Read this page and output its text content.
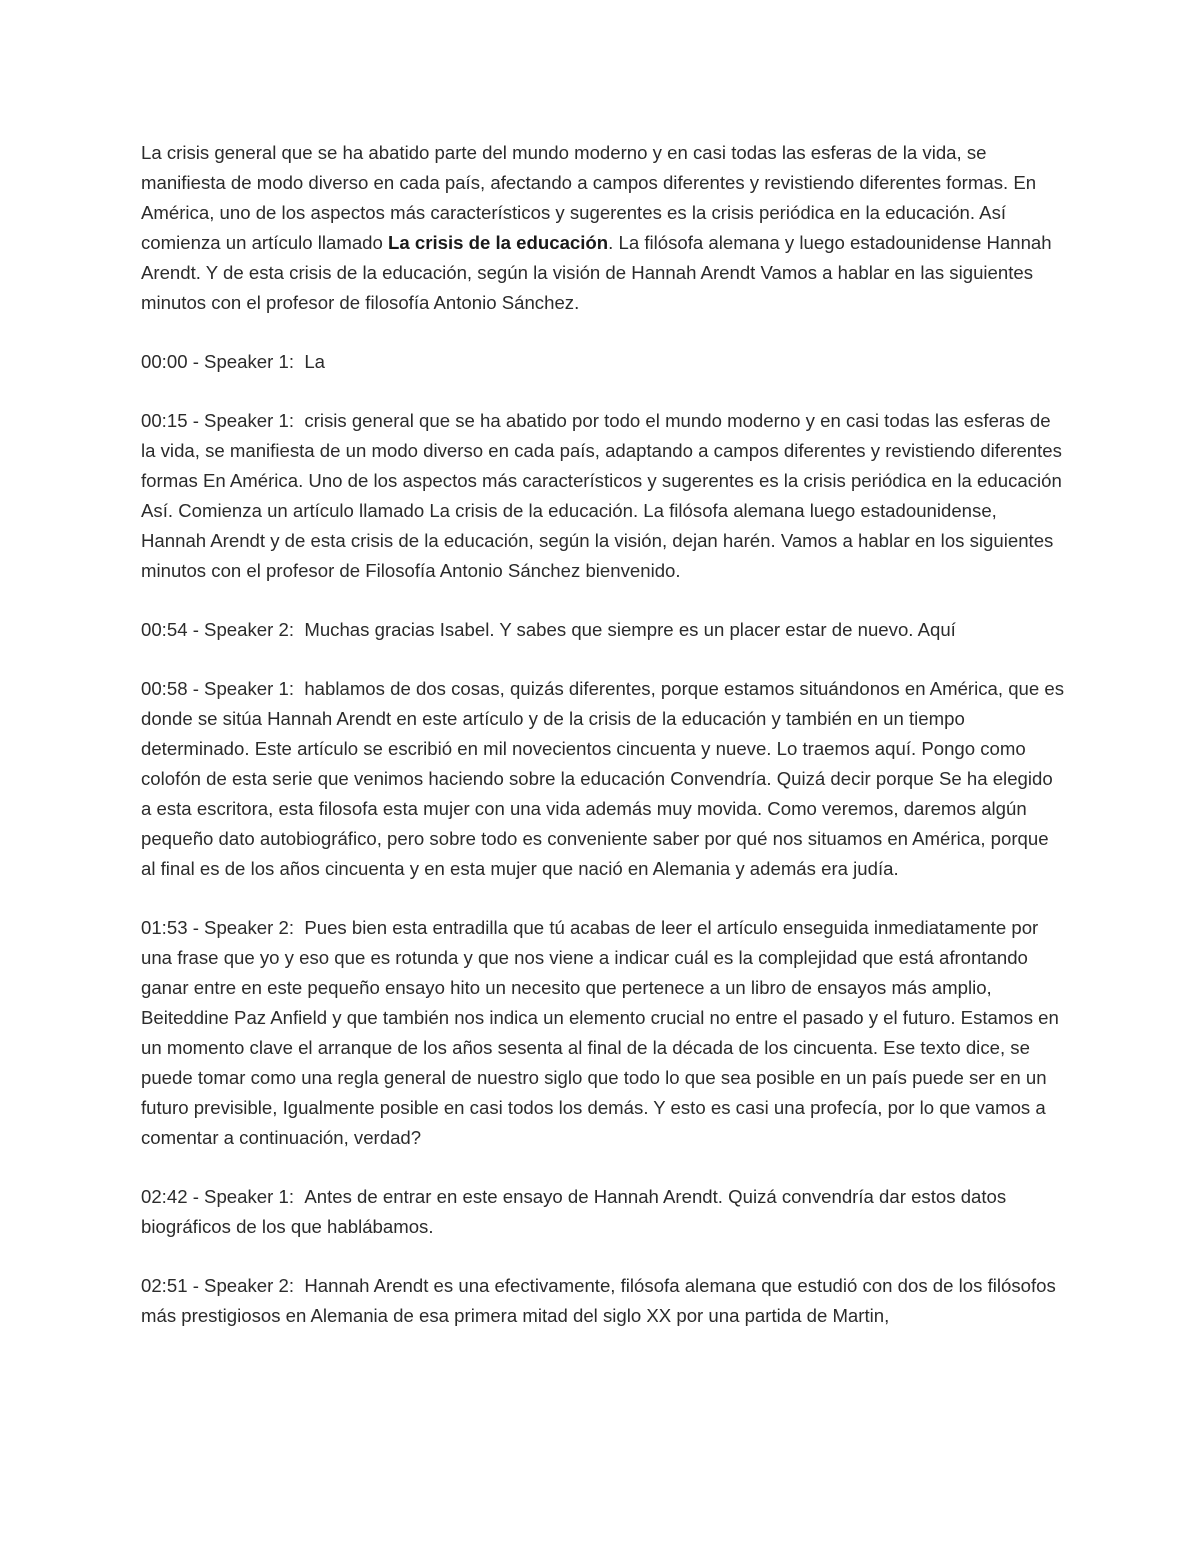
La crisis general que se ha abatido parte del mundo moderno y en casi todas las esferas de la vida, se manifiesta de modo diverso en cada país, afectando a campos diferentes y revistiendo diferentes formas. En América, uno de los aspectos más característicos y sugerentes es la crisis periódica en la educación. Así comienza un artículo llamado La crisis de la educación. La filósofa alemana y luego estadounidense Hannah Arendt. Y de esta crisis de la educación, según la visión de Hannah Arendt Vamos a hablar en las siguientes minutos con el profesor de filosofía Antonio Sánchez.

00:00 - Speaker 1: La

00:15 - Speaker 1: crisis general que se ha abatido por todo el mundo moderno y en casi todas las esferas de la vida, se manifiesta de un modo diverso en cada país, adaptando a campos diferentes y revistiendo diferentes formas En América. Uno de los aspectos más característicos y sugerentes es la crisis periódica en la educación Así. Comienza un artículo llamado La crisis de la educación. La filósofa alemana luego estadounidense, Hannah Arendt y de esta crisis de la educación, según la visión, dejan harén. Vamos a hablar en los siguientes minutos con el profesor de Filosofía Antonio Sánchez bienvenido.

00:54 - Speaker 2: Muchas gracias Isabel. Y sabes que siempre es un placer estar de nuevo. Aquí

00:58 - Speaker 1: hablamos de dos cosas, quizás diferentes, porque estamos situándonos en América, que es donde se sitúa Hannah Arendt en este artículo y de la crisis de la educación y también en un tiempo determinado. Este artículo se escribió en mil novecientos cincuenta y nueve. Lo traemos aquí. Pongo como colofón de esta serie que venimos haciendo sobre la educación Convendría. Quizá decir porque Se ha elegido a esta escritora, esta filosofa esta mujer con una vida además muy movida. Como veremos, daremos algún pequeño dato autobiográfico, pero sobre todo es conveniente saber por qué nos situamos en América, porque al final es de los años cincuenta y en esta mujer que nació en Alemania y además era judía.

01:53 - Speaker 2: Pues bien esta entradilla que tú acabas de leer el artículo enseguida inmediatamente por una frase que yo y eso que es rotunda y que nos viene a indicar cuál es la complejidad que está afrontando ganar entre en este pequeño ensayo hito un necesito que pertenece a un libro de ensayos más amplio, Beiteddine Paz Anfield y que también nos indica un elemento crucial no entre el pasado y el futuro. Estamos en un momento clave el arranque de los años sesenta al final de la década de los cincuenta. Ese texto dice, se puede tomar como una regla general de nuestro siglo que todo lo que sea posible en un país puede ser en un futuro previsible, Igualmente posible en casi todos los demás. Y esto es casi una profecía, por lo que vamos a comentar a continuación, verdad?

02:42 - Speaker 1: Antes de entrar en este ensayo de Hannah Arendt. Quizá convendría dar estos datos biográficos de los que hablábamos.

02:51 - Speaker 2: Hannah Arendt es una efectivamente, filósofa alemana que estudió con dos de los filósofos más prestigiosos en Alemania de esa primera mitad del siglo XX por una partida de Martin,
